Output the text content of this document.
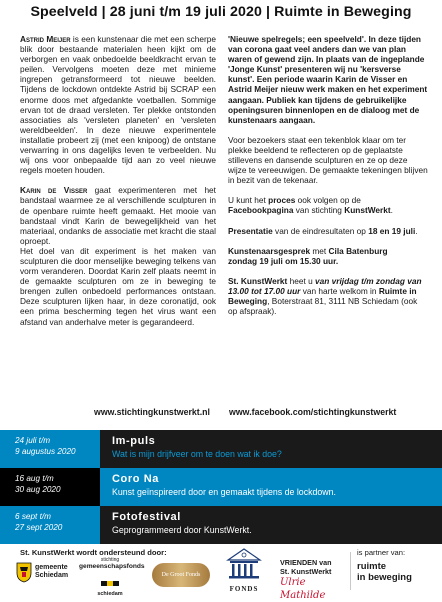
Speelveld | 28 juni t/m 19 juli 2020 | Ruimte in Beweging

Astrid Meijer is een kunstenaar die met een scherpe blik door bestaande materialen heen kijkt om de verborgen en vaak onbedoelde beeldkracht ervan te peilen. Vervolgens moeten deze met minieme ingrepen getransformeerd tot nieuwe beelden. Tijdens de lockdown ontdekte Astrid bij SCRAP een enorme doos met afgedankte voetballen. Sommige ervan tot de draad versleten. Ter plekke ontstonden associaties als 'versleten planeten' en 'versleten wereldbeelden'. In deze nieuwe experimentele installatie probeert zij (met een knipoog) de ontstane verwarring in ons dagelijks leven te verbeelden. Nu wij ons voor onbepaalde tijd aan zo veel nieuwe regels moeten houden.

Karin de Visser gaat experimenteren met het bandstaal waarmee ze al verschillende sculpturen in de openbare ruimte heeft gemaakt. Het mooie van bandstaal vindt Karin de bewegelijkheid van het materiaal, ondanks de associatie met kracht die staal oproept.

Het doel van dit experiment is het maken van sculpturen die door menselijke beweging telkens van vorm veranderen. Doordat Karin zelf plaats neemt in de gemaakte sculpturen om ze in beweging te brengen zullen onbedoeld performances ontstaan. Deze sculpturen lijken haar, in deze coronatijd, ook een prima bescherming tegen het virus want een afstand van anderhalve meter is gegarandeerd.

'Nieuwe spelregels; een speelveld'. In deze tijden van corona gaat veel anders dan we van plan waren of gewend zijn. In plaats van de ingeplande 'Jonge Kunst' presenteren wij nu 'kersverse kunst'. Een periode waarin Karin de Visser en Astrid Meijer nieuw werk maken en het experiment aangaan. Publiek kan tijdens de gebruikelijke openingsuren binnenlopen en de dialoog met de kunstenaars aangaan.

Voor bezoekers staat een tekenblok klaar om ter plekke beeldend te reflecteren op de geplaatste stillevens en dansende sculpturen en ze op deze wijze te vereeuwigen. De gemaakte tekeningen blijven in bezit van de tekenaar.

U kunt het proces ook volgen op de Facebookpagina van stichting KunstWerkt.

Presentatie van de eindresultaten op 18 en 19 juli.

Kunstenaarsgesprek met Cila Batenburg
zondag 19 juli om 15.30 uur.

St. KunstWerkt heet u van vrijdag t/m zondag van 13.00 tot 17.00 uur van harte welkom in Ruimte in Beweging, Boterstraat 81, 3111 NB Schiedam (ook op afspraak).

www.stichtingkunstwerkt.nl www.facebook.com/stichtingkunstwerkt
24 juli t/m
9 augustus 2020
Im-puls
Wat is mijn drijfveer om te doen wat ik doe?
16 aug t/m
30 aug 2020
Coro Na
Kunst geïnspireerd door en gemaakt tijdens de lockdown.
6 sept t/m
27 sept 2020
Fotofestival
Geprogrammeerd door KunstWerkt.
St. KunstWerkt wordt ondersteund door:	is partner van:
gemeente
Schiedam
stichting
gemeenschapsfonds
schiedam
De Groot Fonds
FONDS
VRIENDEN van
St. KunstWerkt
Ulrie Mathilde
ruimte
in beweging
